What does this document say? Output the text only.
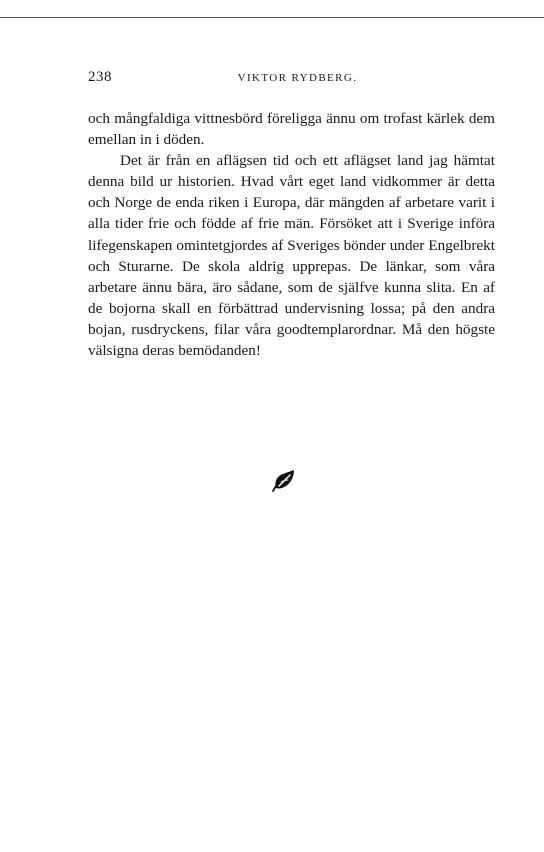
238	VIKTOR RYDBERG.

och mångfaldiga vittnesbörd föreligga ännu om trofast kärlek dem emellan in i döden.

Det är från en aflägsen tid och ett aflägset land jag hämtat denna bild ur historien. Hvad vårt eget land vidkommer är detta och Norge de enda riken i Europa, där mängden af arbetare varit i alla tider frie och födde af frie män. Försöket att i Sverige införa lifegenskapen omintetgjordes af Sveriges bönder under Engelbrekt och Sturarne. De skola aldrig upprepas. De länkar, som våra arbetare ännu bära, äro sådane, som de själfve kunna slita. En af de bojorna skall en förbättrad undervisning lossa; på den andra bojan, rusdryckens, filar våra goodtemplarordnar. Må den högste välsigna deras bemödanden!
